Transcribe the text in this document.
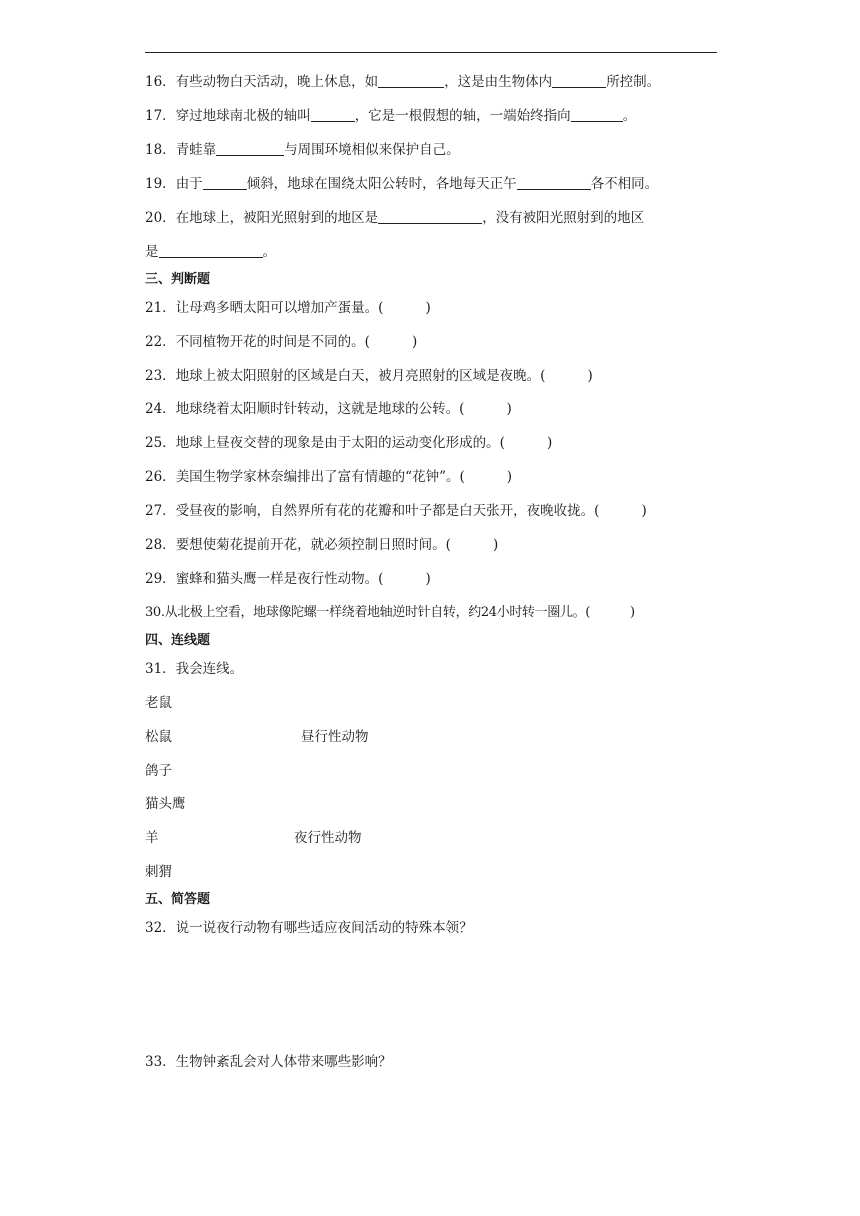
16．有些动物白天活动，晚上休息，如	，这是由生物体内	所控制。
17．穿过地球南北极的轴叫	，它是一根假想的轴，一端始终指向	。
18．青蛙靠	与周围环境相似来保护自己。
19．由于	倾斜，地球在围绕太阳公转时，各地每天正午	各不相同。
20．在地球上，被阳光照射到的地区是	，没有被阳光照射到的地区
是	。
三、判断题
21．让母鸡多晒太阳可以增加产蛋量。(	)
22．不同植物开花的时间是不同的。(	)
23．地球上被太阳照射的区域是白天，被月亮照射的区域是夜晚。(	)
24．地球绕着太阳顺时针转动，这就是地球的公转。(	)
25．地球上昼夜交替的现象是由于太阳的运动变化形成的。(	)
26．美国生物学家林奈编排出了富有情趣的“花钟”。(	)
27．受昼夜的影响，自然界所有花的花瓣和叶子都是白天张开，夜晚收拢。(	)
28．要想使菊花提前开花，就必须控制日照时间。(	)
29．蜜蜂和猫头鹰一样是夜行性动物。(	)
30.从北极上空看，地球像陀螺一样绕着地轴逆时针自转，约24小时转一圈儿。(	)
四、连线题
31．我会连线。
老鼠
松鼠	昼行性动物
鸽子
猫头鹰
羊	夜行性动物
刺猬
五、简答题
32．说一说夜行动物有哪些适应夜间活动的特殊本领？
33．生物钟紊乱会对人体带来哪些影响？
